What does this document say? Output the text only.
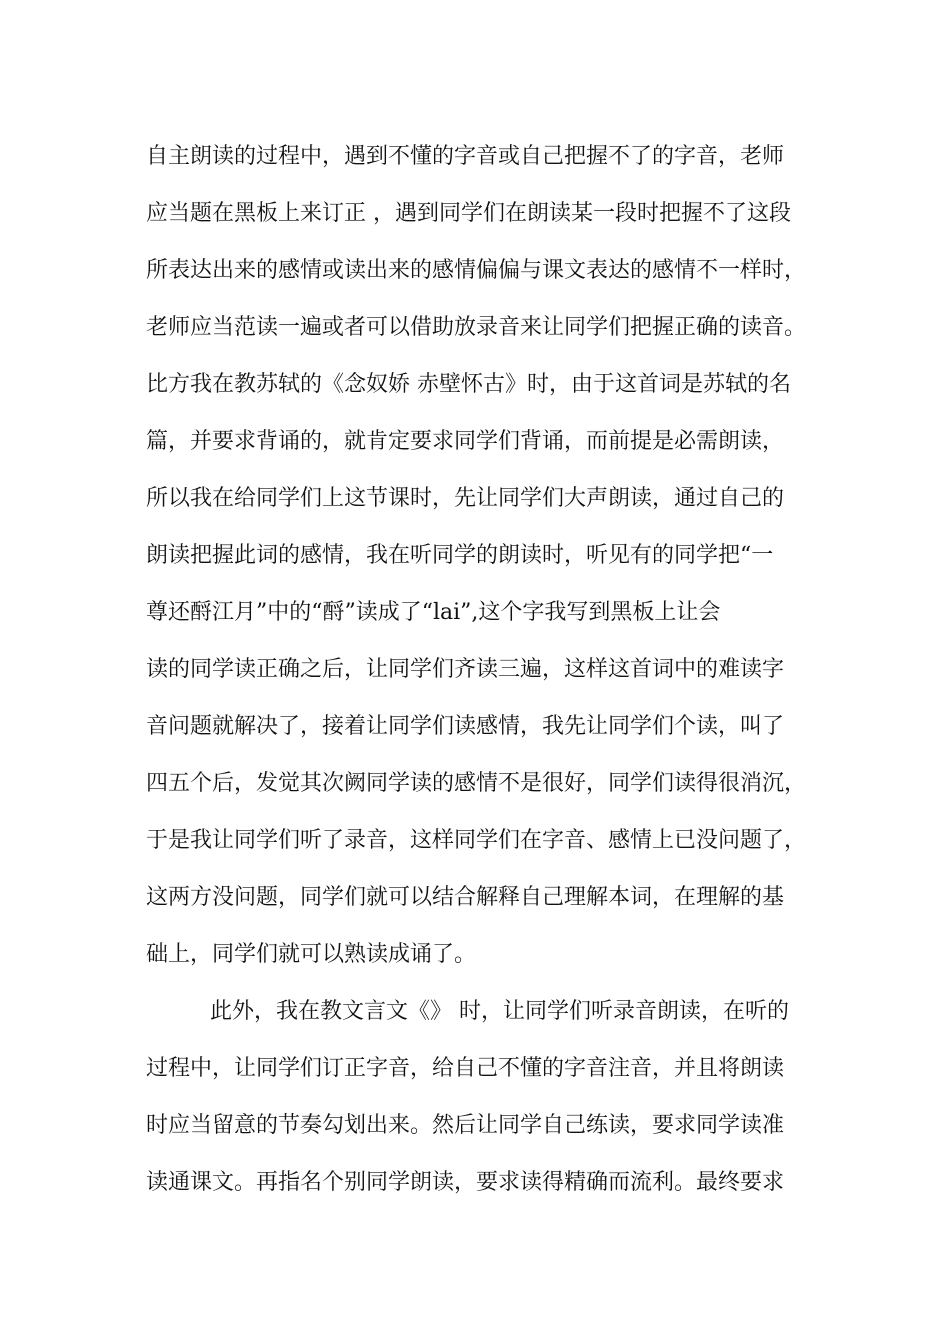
自主朗读的过程中，遇到不懂的字音或自己把握不了的字音，老师
应当题在黑板上来订正 ，遇到同学们在朗读某一段时把握不了这段
所表达出来的感情或读出来的感情偏偏与课文表达的感情不一样时，
老师应当范读一遍或者可以借助放录音来让同学们把握正确的读音。
比方我在教苏轼的《念奴娇 赤壁怀古》时，由于这首词是苏轼的名
篇，并要求背诵的，就肯定要求同学们背诵，而前提是必需朗读，
所以我在给同学们上这节课时，先让同学们大声朗读，通过自己的
朗读把握此词的感情，我在听同学的朗读时，听见有的同学把“一
尊还酹江月”中的“酹”读成了“lai”,这个字我写到黑板上让会
读的同学读正确之后，让同学们齐读三遍，这样这首词中的难读字
音问题就解决了，接着让同学们读感情，我先让同学们个读，叫了
四五个后，发觉其次阙同学读的感情不是很好，同学们读得很消沉，
于是我让同学们听了录音，这样同学们在字音、感情上已没问题了，
这两方没问题，同学们就可以结合解释自己理解本词，在理解的基
础上，同学们就可以熟读成诵了。
此外，我在教文言文《》 时，让同学们听录音朗读，在听的
过程中，让同学们订正字音，给自己不懂的字音注音，并且将朗读
时应当留意的节奏勾划出来。然后让同学自己练读，要求同学读准
读通课文。再指名个别同学朗读，要求读得精确而流利。最终要求
